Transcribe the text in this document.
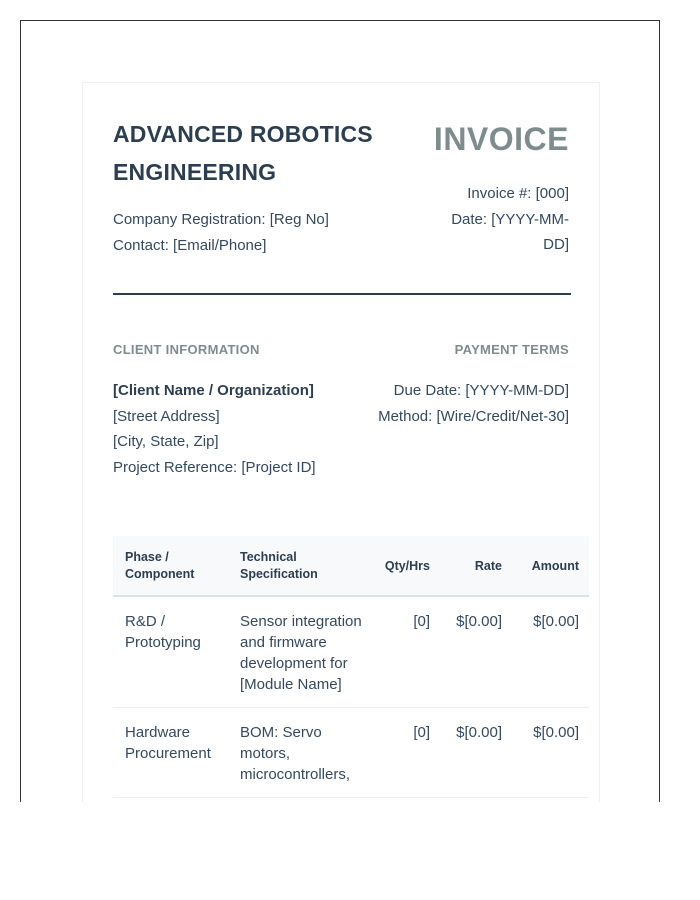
ADVANCED ROBOTICS ENGINEERING
Company Registration: [Reg No]
Contact: [Email/Phone]
INVOICE
Invoice #: [000]
Date: [YYYY-MM-DD]
CLIENT INFORMATION	PAYMENT TERMS
[Client Name / Organization]
[Street Address]
[City, State, Zip]
Project Reference: [Project ID]
Due Date: [YYYY-MM-DD]
Method: [Wire/Credit/Net-30]
Phase / Component	Technical Specification	Qty/Hrs	Rate	Amount
R&D / Prototyping	Sensor integration and firmware development for [Module Name]	[0]	$[0.00]	$[0.00]
Hardware Procurement	BOM: Servo motors, microcontrollers,	[0]	$[0.00]	$[0.00]
